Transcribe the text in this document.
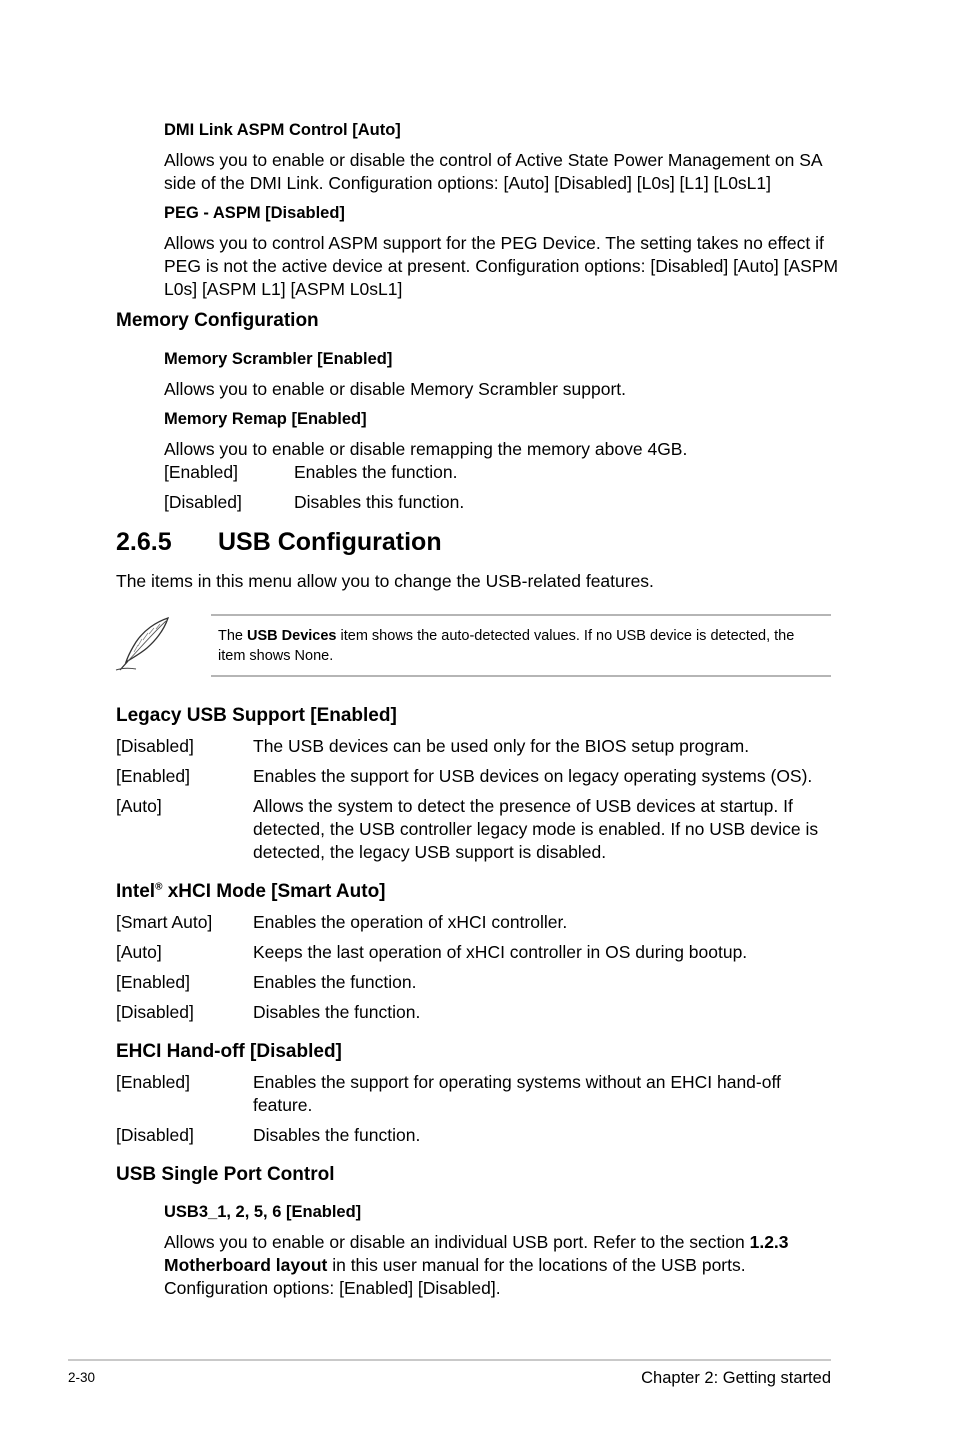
DMI Link ASPM Control [Auto]
Allows you to enable or disable the control of Active State Power Management on SA
side of the DMI Link. Configuration options: [Auto] [Disabled] [L0s] [L1] [L0sL1]
PEG - ASPM [Disabled]
Allows you to control ASPM support for the PEG Device. The setting takes no effect if
PEG is not the active device at present. Configuration options: [Disabled] [Auto] [ASPM
L0s] [ASPM L1] [ASPM L0sL1]
Memory Configuration
Memory Scrambler [Enabled]
Allows you to enable or disable Memory Scrambler support.
Memory Remap [Enabled]
Allows you to enable or disable remapping the memory above 4GB.
[Enabled]	Enables the function.
[Disabled]	Disables this function.
2.6.5 USB Configuration
The items in this menu allow you to change the USB-related features.
The USB Devices item shows the auto-detected values. If no USB device is detected, the
item shows None.
Legacy USB Support [Enabled]
[Disabled]	The USB devices can be used only for the BIOS setup program.
[Enabled]	Enables the support for USB devices on legacy operating systems (OS).
[Auto]	Allows the system to detect the presence of USB devices at startup. If
detected, the USB controller legacy mode is enabled. If no USB device is
detected, the legacy USB support is disabled.
Intel® xHCI Mode [Smart Auto]
[Smart Auto] Enables the operation of xHCI controller.
[Auto]	Keeps the last operation of xHCI controller in OS during bootup.
[Enabled]	Enables the function.
[Disabled]	Disables the function.
EHCI Hand-off [Disabled]
[Enabled]	Enables the support for operating systems without an EHCI hand-off
feature.
[Disabled]	Disables the function.
USB Single Port Control
USB3_1, 2, 5, 6 [Enabled]
Allows you to enable or disable an individual USB port. Refer to the section 1.2.3
Motherboard layout in this user manual for the locations of the USB ports.
Configuration options: [Enabled] [Disabled].
2-30	Chapter 2: Getting started
